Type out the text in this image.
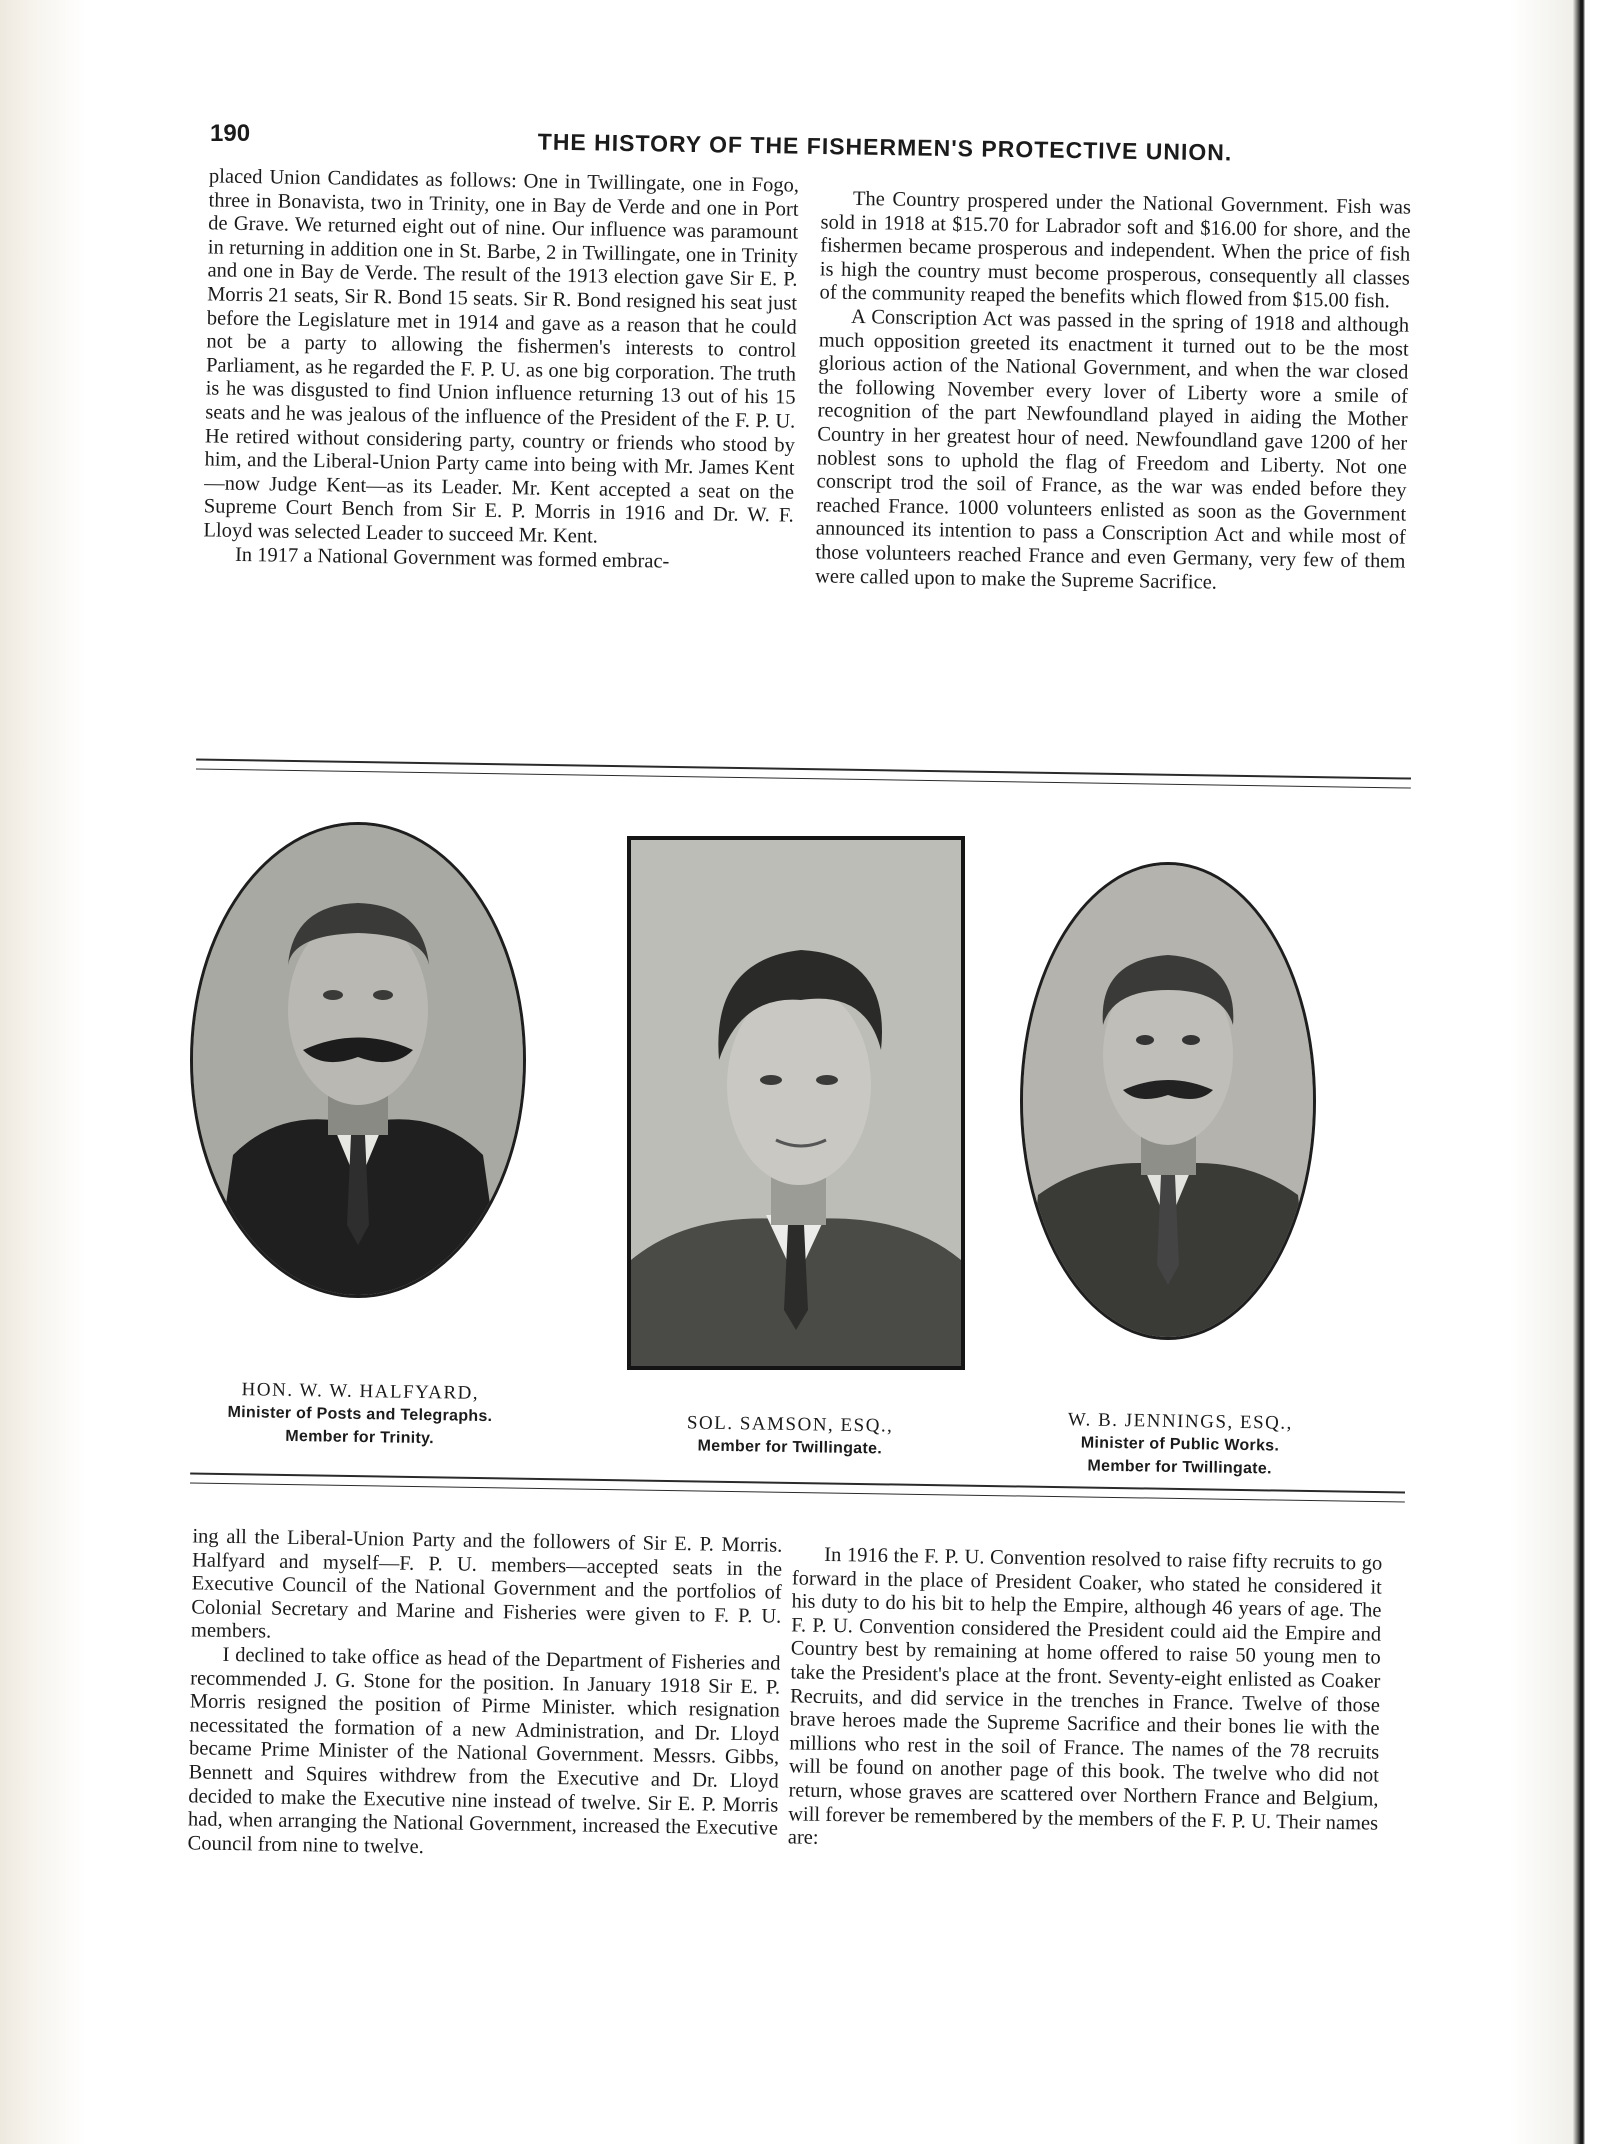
190	THE HISTORY OF THE FISHERMEN'S PROTECTIVE UNION.

placed Union Candidates as follows: One in Twillingate, one in Fogo, three in Bonavista, two in Trinity, one in Bay de Verde and one in Port de Grave. We returned eight out of nine. Our influence was paramount in returning in addition one in St. Barbe, 2 in Twillingate, one in Trinity and one in Bay de Verde. The result of the 1913 election gave Sir E. P. Morris 21 seats, Sir R. Bond 15 seats. Sir R. Bond resigned his seat just before the Legislature met in 1914 and gave as a reason that he could not be a party to allowing the fishermen's interests to control Parliament, as he regarded the F. P. U. as one big corporation. The truth is he was disgusted to find Union influence returning 13 out of his 15 seats and he was jealous of the influence of the President of the F. P. U. He retired without considering party, country or friends who stood by him, and the Liberal-Union Party came into being with Mr. James Kent—now Judge Kent—as its Leader. Mr. Kent accepted a seat on the Supreme Court Bench from Sir E. P. Morris in 1916 and Dr. W. F. Lloyd was selected Leader to succeed Mr. Kent.

In 1917 a National Government was formed embrac-

The Country prospered under the National Government. Fish was sold in 1918 at $15.70 for Labrador soft and $16.00 for shore, and the fishermen became prosperous and independent. When the price of fish is high the country must become prosperous, consequently all classes of the community reaped the benefits which flowed from $15.00 fish.

A Conscription Act was passed in the spring of 1918 and although much opposition greeted its enactment it turned out to be the most glorious action of the National Government, and when the war closed the following November every lover of Liberty wore a smile of recognition of the part Newfoundland played in aiding the Mother Country in her greatest hour of need. Newfoundland gave 1200 of her noblest sons to uphold the flag of Freedom and Liberty. Not one conscript trod the soil of France, as the war was ended before they reached France. 1000 volunteers enlisted as soon as the Government announced its intention to pass a Conscription Act and while most of those volunteers reached France and even Germany, very few of them were called upon to make the Supreme Sacrifice.

HON. W. W. HALFYARD,
Minister of Posts and Telegraphs.
Member for Trinity.
SOL. SAMSON, ESQ.,
Member for Twillingate.
W. B. JENNINGS, ESQ.,
Minister of Public Works.
Member for Twillingate.

ing all the Liberal-Union Party and the followers of Sir E. P. Morris. Halfyard and myself—F. P. U. members—accepted seats in the Executive Council of the National Government and the portfolios of Colonial Secretary and Marine and Fisheries were given to F. P. U. members.

I declined to take office as head of the Department of Fisheries and recommended J. G. Stone for the position. In January 1918 Sir E. P. Morris resigned the position of Pirme Minister. which resignation necessitated the formation of a new Administration, and Dr. Lloyd became Prime Minister of the National Government. Messrs. Gibbs, Bennett and Squires withdrew from the Executive and Dr. Lloyd decided to make the Executive nine instead of twelve. Sir E. P. Morris had, when arranging the National Government, increased the Executive Council from nine to twelve.

In 1916 the F. P. U. Convention resolved to raise fifty recruits to go forward in the place of President Coaker, who stated he considered it his duty to do his bit to help the Empire, although 46 years of age. The F. P. U. Convention considered the President could aid the Empire and Country best by remaining at home offered to raise 50 young men to take the President's place at the front. Seventy-eight enlisted as Coaker Recruits, and did service in the trenches in France. Twelve of those brave heroes made the Supreme Sacrifice and their bones lie with the millions who rest in the soil of France. The names of the 78 recruits will be found on another page of this book. The twelve who did not return, whose graves are scattered over Northern France and Belgium, will forever be remembered by the members of the F. P. U. Their names are:
